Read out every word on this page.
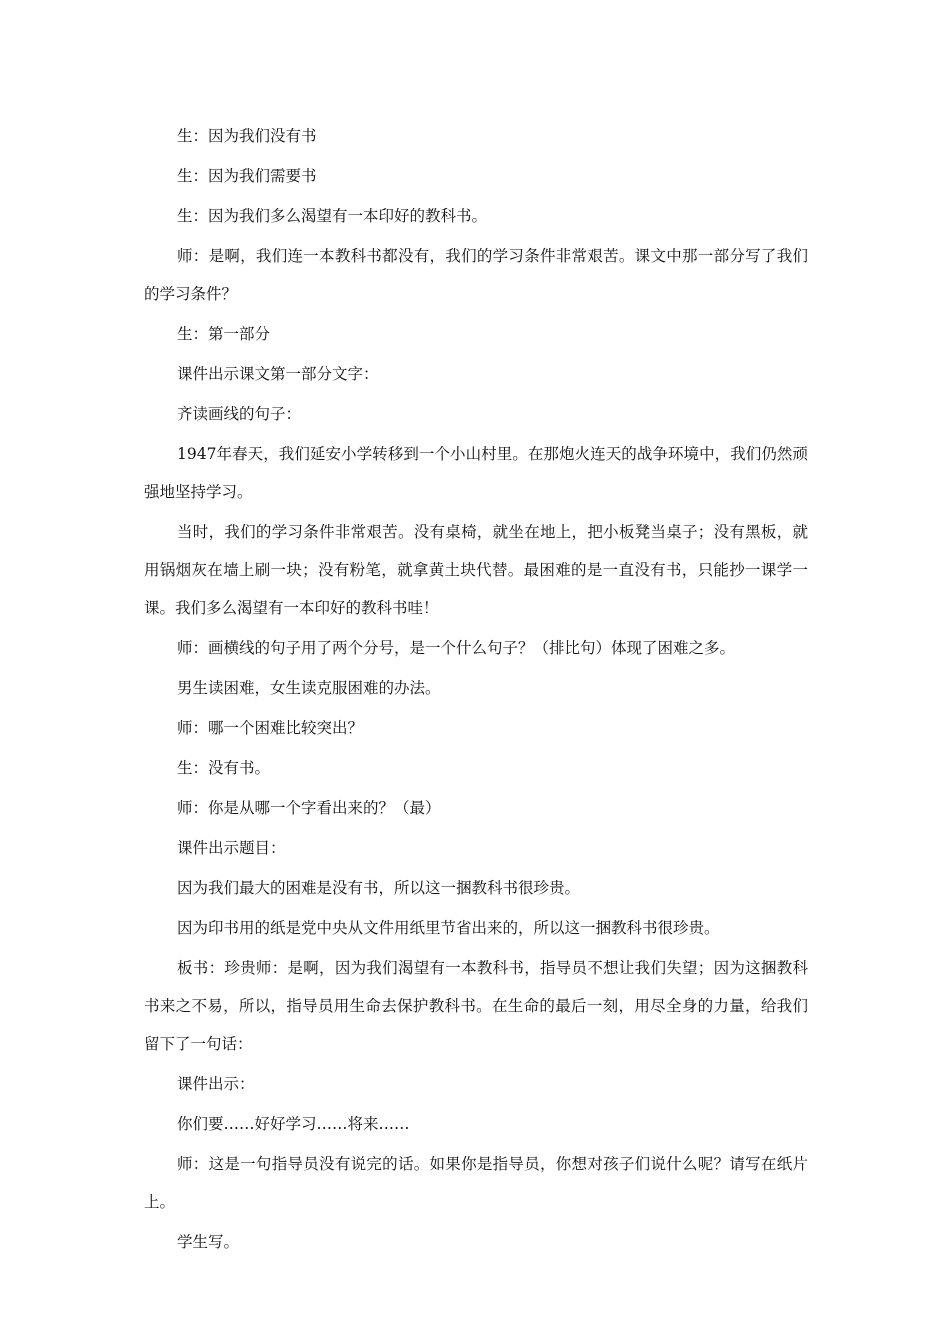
生：因为我们没有书

生：因为我们需要书

生：因为我们多么渴望有一本印好的教科书。

师：是啊，我们连一本教科书都没有，我们的学习条件非常艰苦。课文中那一部分写了我们的学习条件？

生：第一部分

课件出示课文第一部分文字：

齐读画线的句子：

1947年春天，我们延安小学转移到一个小山村里。在那炮火连天的战争环境中，我们仍然顽强地坚持学习。

当时，我们的学习条件非常艰苦。没有桌椅，就坐在地上，把小板凳当桌子；没有黑板，就用锅烟灰在墙上刷一块；没有粉笔，就拿黄土块代替。最困难的是一直没有书，只能抄一课学一课。我们多么渴望有一本印好的教科书哇！

师：画横线的句子用了两个分号，是一个什么句子？（排比句）体现了困难之多。

男生读困难，女生读克服困难的办法。

师：哪一个困难比较突出？

生：没有书。

师：你是从哪一个字看出来的？（最）

课件出示题目：

因为我们最大的困难是没有书，所以这一捆教科书很珍贵。

因为印书用的纸是党中央从文件用纸里节省出来的，所以这一捆教科书很珍贵。

板书：珍贵师：是啊，因为我们渴望有一本教科书，指导员不想让我们失望；因为这捆教科书来之不易，所以，指导员用生命去保护教科书。在生命的最后一刻，用尽全身的力量，给我们留下了一句话：

课件出示：

你们要……好好学习……将来……

师：这是一句指导员没有说完的话。如果你是指导员，你想对孩子们说什么呢？请写在纸片上。

学生写。
